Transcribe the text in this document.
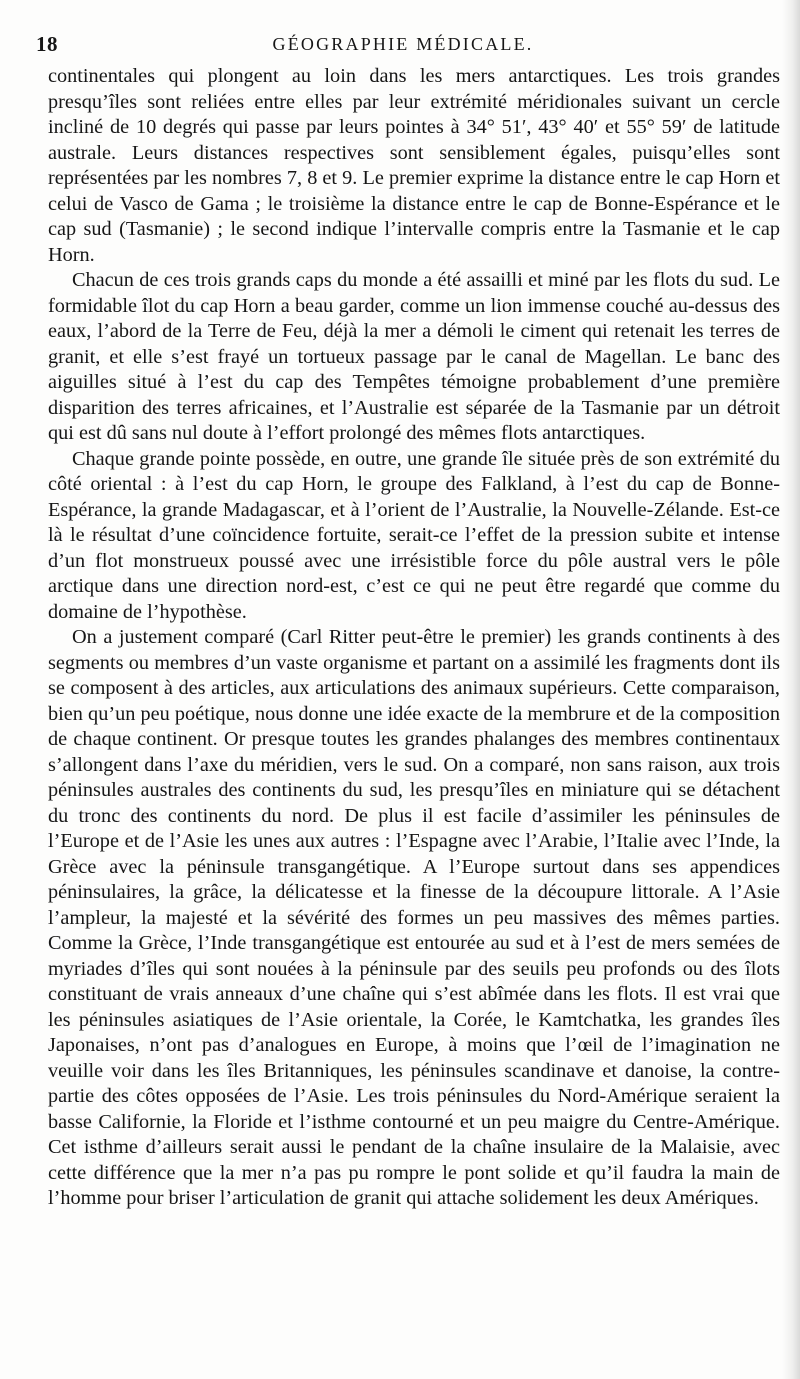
18	GÉOGRAPHIE MÉDICALE.

continentales qui plongent au loin dans les mers antarctiques. Les trois grandes presqu’îles sont reliées entre elles par leur extrémité méridionales suivant un cercle incliné de 10 degrés qui passe par leurs pointes à 34° 51′, 43° 40′ et 55° 59′ de latitude australe. Leurs distances respectives sont sensiblement égales, puisqu’elles sont représentées par les nombres 7, 8 et 9. Le premier exprime la distance entre le cap Horn et celui de Vasco de Gama ; le troisième la distance entre le cap de Bonne-Espérance et le cap sud (Tasmanie) ; le second indique l’intervalle compris entre la Tasmanie et le cap Horn.

Chacun de ces trois grands caps du monde a été assailli et miné par les flots du sud. Le formidable îlot du cap Horn a beau garder, comme un lion immense couché au-dessus des eaux, l’abord de la Terre de Feu, déjà la mer a démoli le ciment qui retenait les terres de granit, et elle s’est frayé un tortueux passage par le canal de Magellan. Le banc des aiguilles situé à l’est du cap des Tempêtes témoigne probablement d’une première disparition des terres africaines, et l’Australie est séparée de la Tasmanie par un détroit qui est dû sans nul doute à l’effort prolongé des mêmes flots antarctiques.

Chaque grande pointe possède, en outre, une grande île située près de son extrémité du côté oriental : à l’est du cap Horn, le groupe des Falkland, à l’est du cap de Bonne-Espérance, la grande Madagascar, et à l’orient de l’Australie, la Nouvelle-Zélande. Est-ce là le résultat d’une coïncidence fortuite, serait-ce l’effet de la pression subite et intense d’un flot monstrueux poussé avec une irrésistible force du pôle austral vers le pôle arctique dans une direction nord-est, c’est ce qui ne peut être regardé que comme du domaine de l’hypothèse.

On a justement comparé (Carl Ritter peut-être le premier) les grands continents à des segments ou membres d’un vaste organisme et partant on a assimilé les fragments dont ils se composent à des articles, aux articulations des animaux supérieurs. Cette comparaison, bien qu’un peu poétique, nous donne une idée exacte de la membrure et de la composition de chaque continent. Or presque toutes les grandes phalanges des membres continentaux s’allongent dans l’axe du méridien, vers le sud. On a comparé, non sans raison, aux trois péninsules australes des continents du sud, les presqu’îles en miniature qui se détachent du tronc des continents du nord. De plus il est facile d’assimiler les péninsules de l’Europe et de l’Asie les unes aux autres : l’Espagne avec l’Arabie, l’Italie avec l’Inde, la Grèce avec la péninsule transgangétique. A l’Europe surtout dans ses appendices péninsulaires, la grâce, la délicatesse et la finesse de la découpure littorale. A l’Asie l’ampleur, la majesté et la sévérité des formes un peu massives des mêmes parties. Comme la Grèce, l’Inde transgangétique est entourée au sud et à l’est de mers semées de myriades d’îles qui sont nouées à la péninsule par des seuils peu profonds ou des îlots constituant de vrais anneaux d’une chaîne qui s’est abîmée dans les flots. Il est vrai que les péninsules asiatiques de l’Asie orientale, la Corée, le Kamtchatka, les grandes îles Japonaises, n’ont pas d’analogues en Europe, à moins que l’œil de l’imagination ne veuille voir dans les îles Britanniques, les péninsules scandinave et danoise, la contre-partie des côtes opposées de l’Asie. Les trois péninsules du Nord-Amérique seraient la basse Californie, la Floride et l’isthme contourné et un peu maigre du Centre-Amérique. Cet isthme d’ailleurs serait aussi le pendant de la chaîne insulaire de la Malaisie, avec cette différence que la mer n’a pas pu rompre le pont solide et qu’il faudra la main de l’homme pour briser l’articulation de granit qui attache solidement les deux Amériques.
